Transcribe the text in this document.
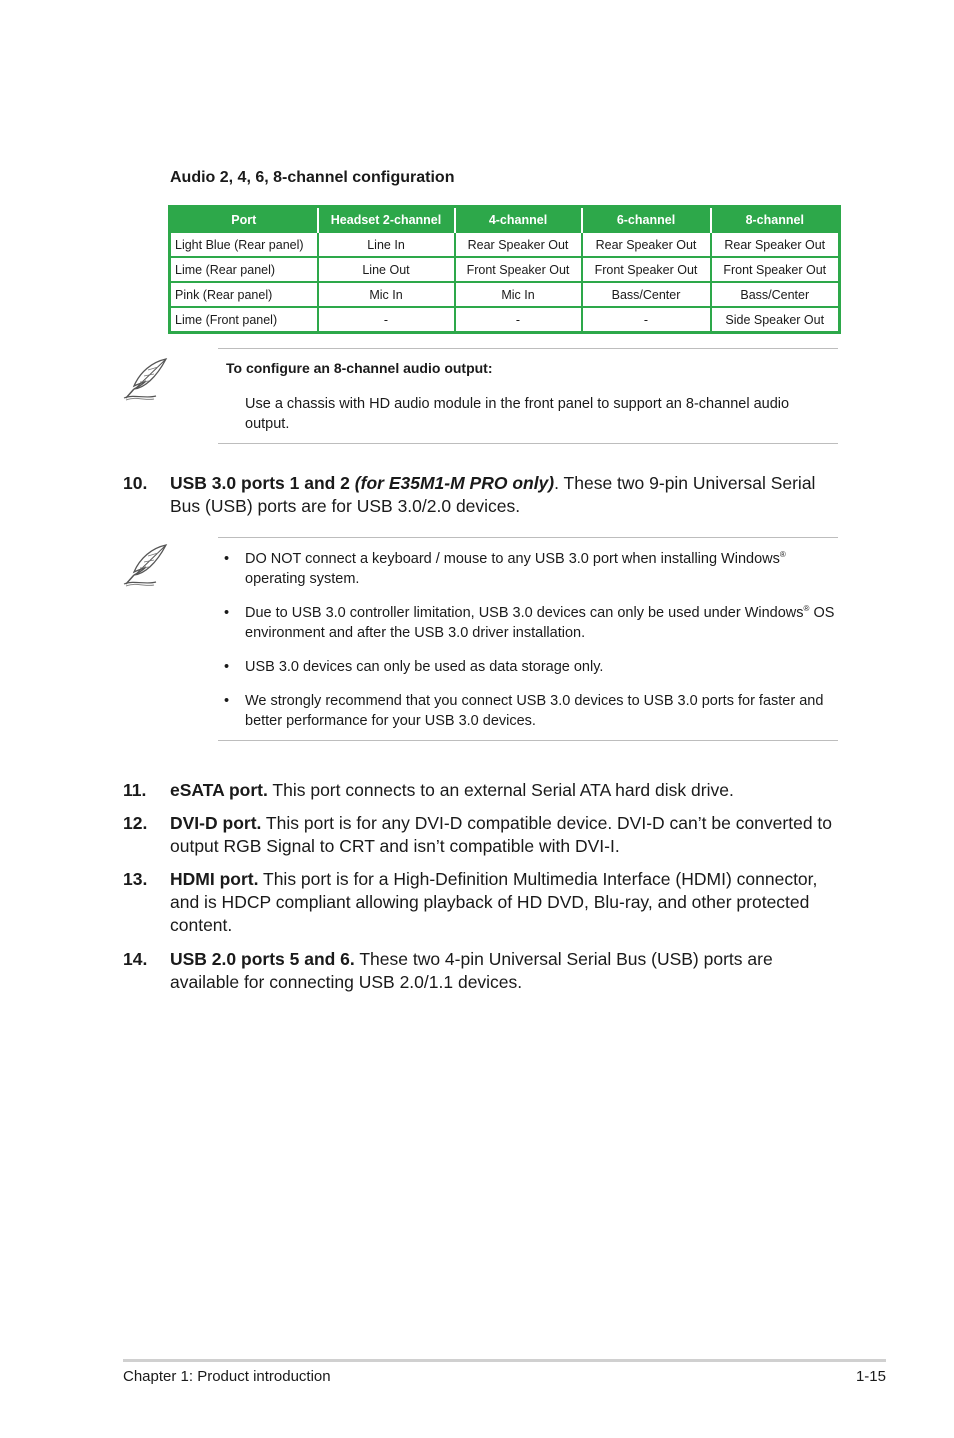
Audio 2, 4, 6, 8-channel configuration
Port	Headset 2-channel	4-channel	6-channel	8-channel
Light Blue (Rear panel)	Line In	Rear Speaker Out	Rear Speaker Out	Rear Speaker Out
Lime (Rear panel)	Line Out	Front Speaker Out	Front Speaker Out	Front Speaker Out
Pink (Rear panel)	Mic In	Mic In	Bass/Center	Bass/Center
Lime (Front panel)	-	-	-	Side Speaker Out

To configure an 8-channel audio output:

Use a chassis with HD audio module in the front panel to support an 8-channel audio output.

10. USB 3.0 ports 1 and 2 (for E35M1-M PRO only). These two 9-pin Universal Serial Bus (USB) ports are for USB 3.0/2.0 devices.
• DO NOT connect a keyboard / mouse to any USB 3.0 port when installing Windows® operating system.
• Due to USB 3.0 controller limitation, USB 3.0 devices can only be used under Windows® OS environment and after the USB 3.0 driver installation.
• USB 3.0 devices can only be used as data storage only.
• We strongly recommend that you connect USB 3.0 devices to USB 3.0 ports for faster and better performance for your USB 3.0 devices.
11. eSATA port. This port connects to an external Serial ATA hard disk drive.
12. DVI-D port. This port is for any DVI-D compatible device. DVI-D can’t be converted to output RGB Signal to CRT and isn’t compatible with DVI-I.
13. HDMI port. This port is for a High-Definition Multimedia Interface (HDMI) connector, and is HDCP compliant allowing playback of HD DVD, Blu-ray, and other protected content.
14. USB 2.0 ports 5 and 6. These two 4-pin Universal Serial Bus (USB) ports are available for connecting USB 2.0/1.1 devices.
Chapter 1: Product introduction	1-15
